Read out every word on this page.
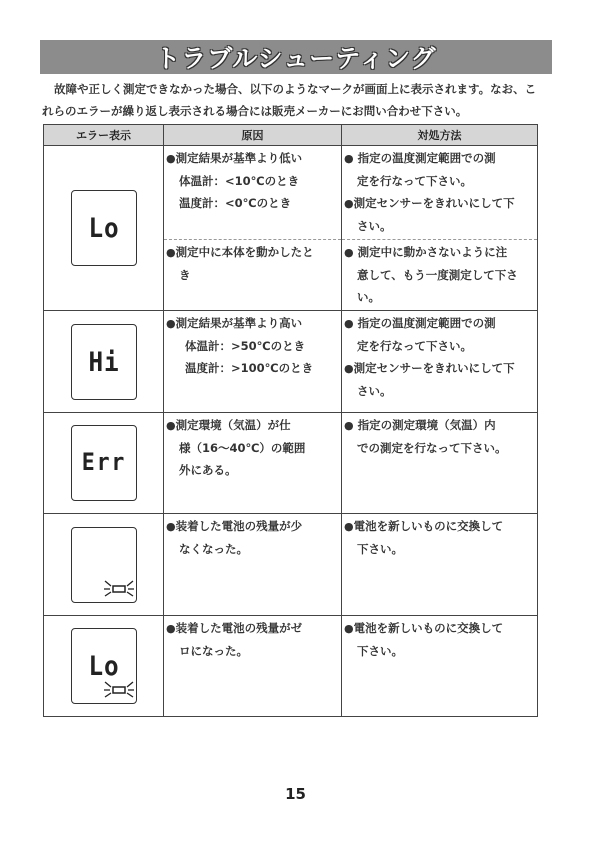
トラブルシューティング
故障や正しく測定できなかった場合、以下のようなマークが画面上に表示されます。なお、こ
れらのエラーが繰り返し表示される場合には販売メーカーにお問い合わせ下さい。
エラー表示	原因	対処方法

Lo	●測定結果が基準より低い
体温計：<10℃のとき
温度計：<0℃のとき	● 指定の温度測定範囲での測
定を行なって下さい。
●測定センサーをきれいにして下
さい。

	●測定中に本体を動かしたと
き	● 測定中に動かさないように注
意して、もう一度測定して下さ
い。

Hi	●測定結果が基準より高い
体温計：>50℃のとき
温度計：>100℃のとき	● 指定の温度測定範囲での測
定を行なって下さい。
●測定センサーをきれいにして下
さい。

Err	●測定環境（気温）が仕
様（16〜40℃）の範囲
外にある。	● 指定の測定環境（気温）内
での測定を行なって下さい。

●装着した電池の残量が少
なくなった。	●電池を新しいものに交換して
下さい。

Lo	●装着した電池の残量がゼ
ロになった。	●電池を新しいものに交換して
下さい。
15
